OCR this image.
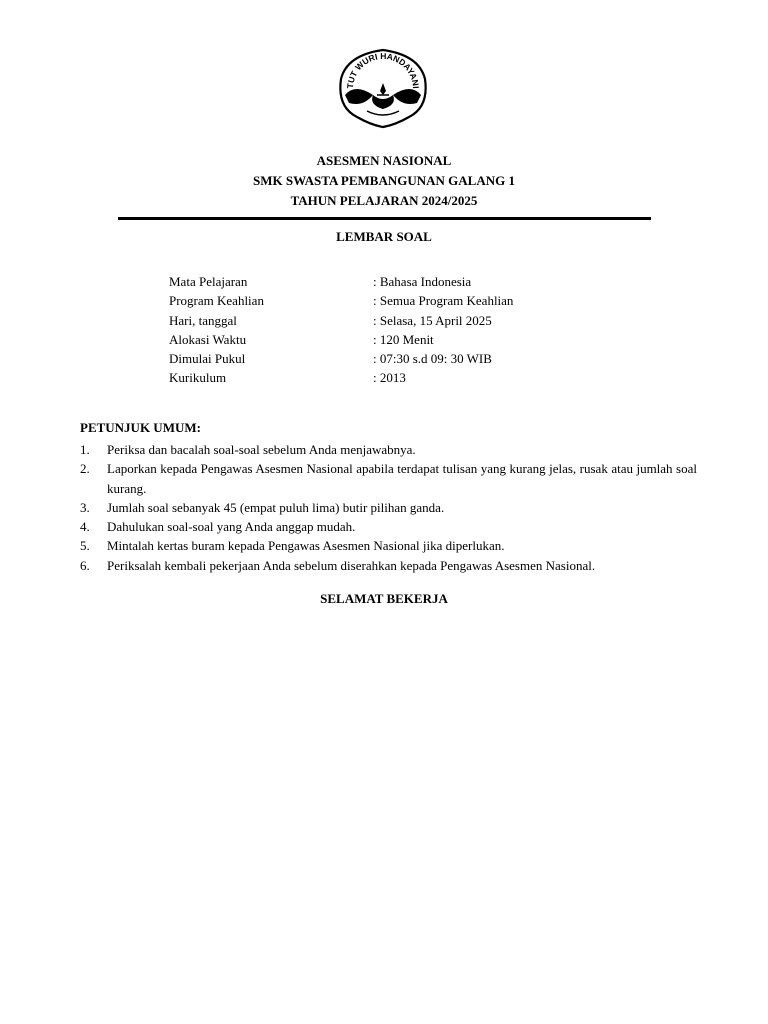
TUT WURI HANDAYANI
ASESMEN NASIONAL
SMK SWASTA PEMBANGUNAN GALANG 1
TAHUN PELAJARAN 2024/2025
LEMBAR SOAL
Mata Pelajaran	: Bahasa Indonesia
Program Keahlian	: Semua Program Keahlian
Hari, tanggal	: Selasa, 15 April 2025
Alokasi Waktu	: 120 Menit
Dimulai Pukul	: 07:30 s.d 09: 30 WIB
Kurikulum	: 2013
PETUNJUK UMUM:
1. Periksa dan bacalah soal-soal sebelum Anda menjawabnya.
2. Laporkan kepada Pengawas Asesmen Nasional apabila terdapat tulisan yang kurang jelas, rusak atau jumlah soal kurang.
3. Jumlah soal sebanyak 45 (empat puluh lima) butir pilihan ganda.
4. Dahulukan soal-soal yang Anda anggap mudah.
5. Mintalah kertas buram kepada Pengawas Asesmen Nasional jika diperlukan.
6. Periksalah kembali pekerjaan Anda sebelum diserahkan kepada Pengawas Asesmen Nasional.
SELAMAT BEKERJA
